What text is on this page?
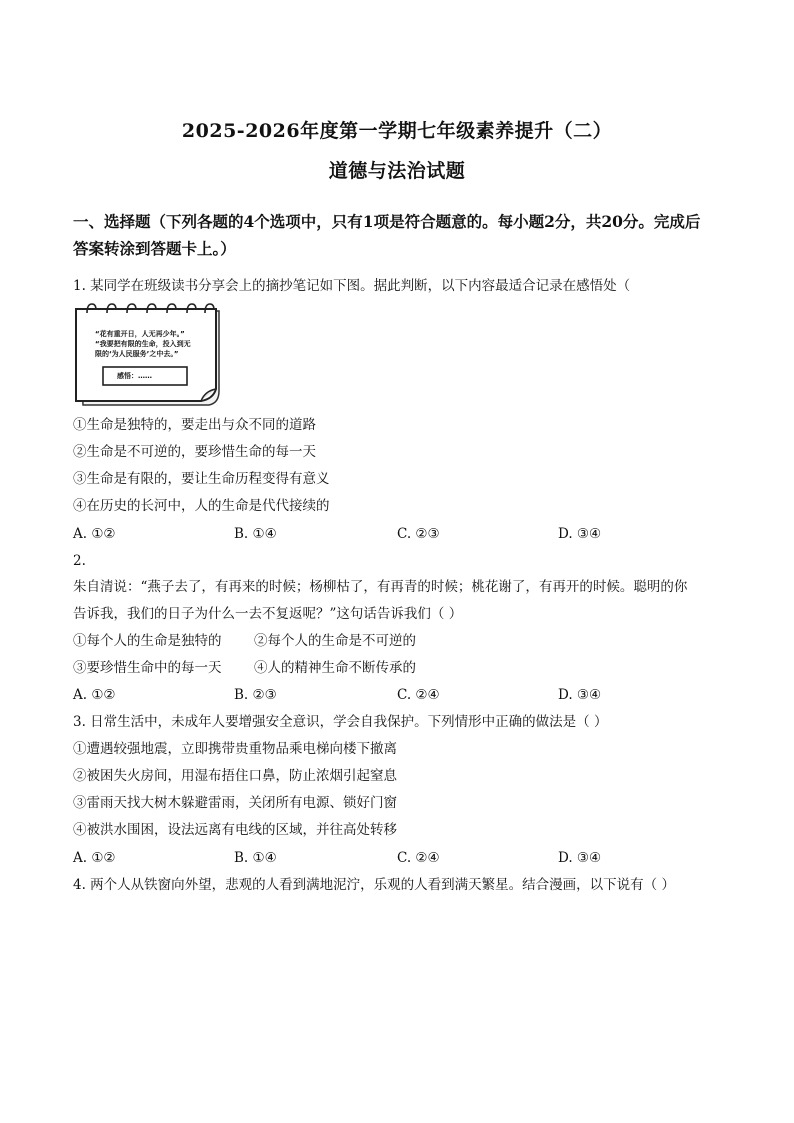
2025-2026年度第一学期七年级素养提升（二）
道德与法治试题
一、选择题（下列各题的4个选项中，只有1项是符合题意的。每小题2分，共20分。完成后
答案转涂到答题卡上。）
1. 某同学在班级读书分享会上的摘抄笔记如下图。据此判断，以下内容最适合记录在感悟处（
“花有重开日，人无再少年。”
“我要把有限的生命，投入到无
限的‘为人民服务’之中去。”
感悟：……
①生命是独特的，要走出与众不同的道路
②生命是不可逆的，要珍惜生命的每一天
③生命是有限的，要让生命历程变得有意义
④在历史的长河中，人的生命是代代接续的
A. ①②	B. ①④	C. ②③	D. ③④
2.
朱自清说：“燕子去了，有再来的时候；杨柳枯了，有再青的时候；桃花谢了，有再开的时候。聪明的你
告诉我，我们的日子为什么一去不复返呢？”这句话告诉我们（ ）
①每个人的生命是独特的 ②每个人的生命是不可逆的
③要珍惜生命中的每一天 ④人的精神生命不断传承的
A. ①②	B. ②③	C. ②④	D. ③④
3. 日常生活中，未成年人要增强安全意识，学会自我保护。下列情形中正确的做法是（ ）
①遭遇较强地震，立即携带贵重物品乘电梯向楼下撤离
②被困失火房间，用湿布捂住口鼻，防止浓烟引起窒息
③雷雨天找大树木躲避雷雨，关闭所有电源、锁好门窗
④被洪水围困，设法远离有电线的区域，并往高处转移
A. ①②	B. ①④	C. ②④	D. ③④
4. 两个人从铁窗向外望，悲观的人看到满地泥泞，乐观的人看到满天繁星。结合漫画，以下说有（ ）
